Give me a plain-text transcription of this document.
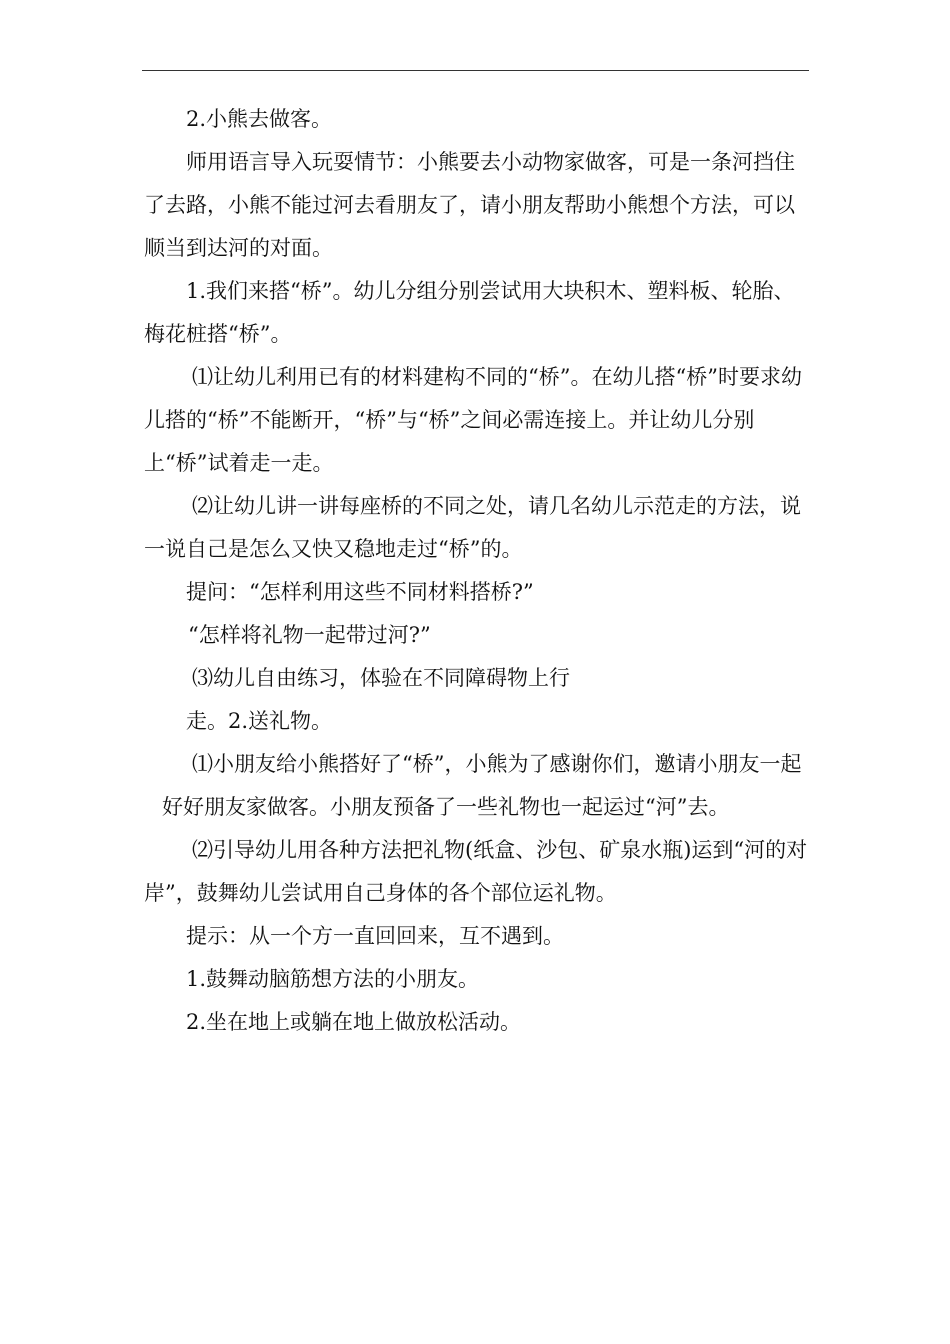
2.小熊去做客。

师用语言导入玩耍情节：小熊要去小动物家做客，可是一条河挡住了去路，小熊不能过河去看朋友了，请小朋友帮助小熊想个方法，可以顺当到达河的对面。

1.我们来搭“桥”。幼儿分组分别尝试用大块积木、塑料板、轮胎、梅花桩搭“桥”。

⑴让幼儿利用已有的材料建构不同的“桥”。在幼儿搭“桥”时要求幼儿搭的“桥”不能断开，“桥”与“桥”之间必需连接上。并让幼儿分别上“桥”试着走一走。

⑵让幼儿讲一讲每座桥的不同之处，请几名幼儿示范走的方法，说一说自己是怎么又快又稳地走过“桥”的。

提问：“怎样利用这些不同材料搭桥?”

“怎样将礼物一起带过河?”

⑶幼儿自由练习，体验在不同障碍物上行

走。2.送礼物。

⑴小朋友给小熊搭好了“桥”，小熊为了感谢你们，邀请小朋友一起好好朋友家做客。小朋友预备了一些礼物也一起运过“河”去。

⑵引导幼儿用各种方法把礼物(纸盒、沙包、矿泉水瓶)运到“河的对岸”，鼓舞幼儿尝试用自己身体的各个部位运礼物。

提示：从一个方一直回回来，互不遇到。

1.鼓舞动脑筋想方法的小朋友。

2.坐在地上或躺在地上做放松活动。
